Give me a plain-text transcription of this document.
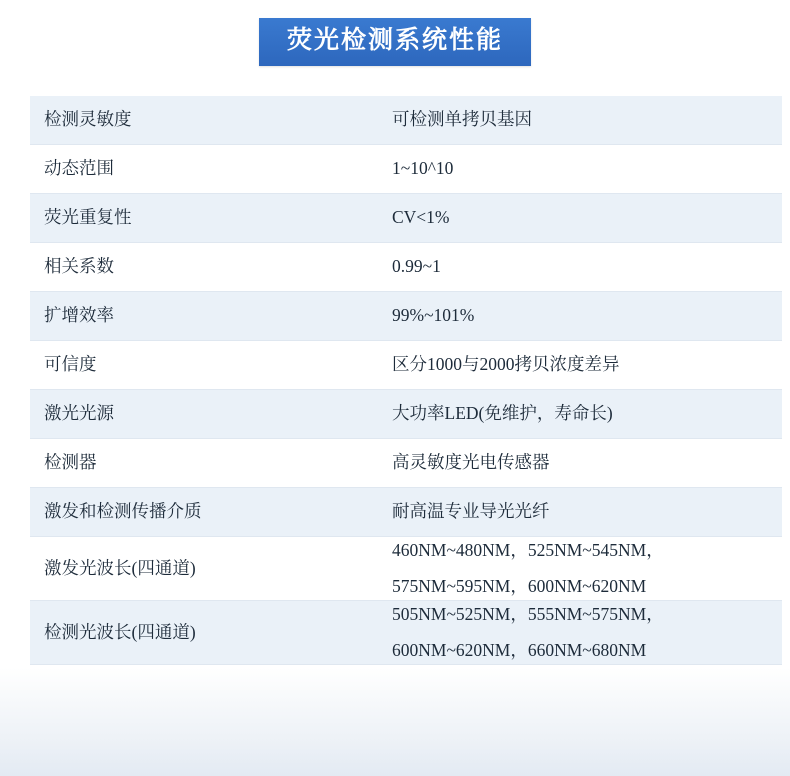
荧光检测系统性能
检测灵敏度	可检测单拷贝基因

动态范围	1~10^10

荧光重复性	CV<1%

相关系数	0.99~1

扩增效率	99%~101%

可信度	区分1000与2000拷贝浓度差异

激光光源	大功率LED(免维护，寿命长)

检测器	高灵敏度光电传感器

激发和检测传播介质	耐高温专业导光光纤

激发光波长(四通道)	460NM~480NM，525NM~545NM，
575NM~595NM，600NM~620NM

检测光波长(四通道)	505NM~525NM，555NM~575NM，
600NM~620NM，660NM~680NM
